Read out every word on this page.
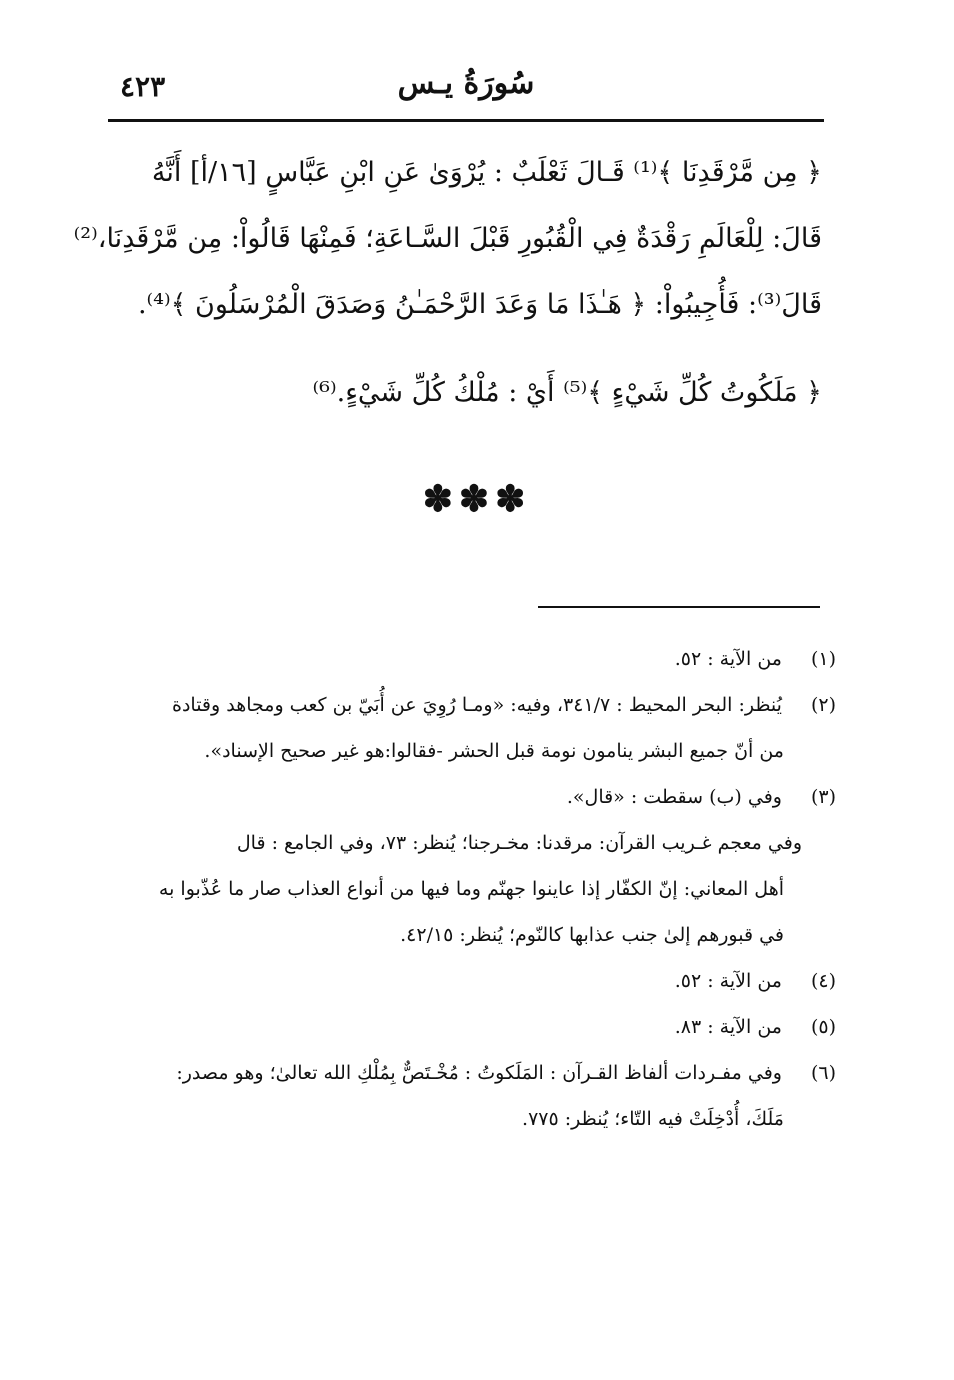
سُورَةُ يـس
٤٢٣
﴿ مِن مَّرْقَدِنَا ﴾⁽¹⁾ قَـالَ ثَعْلَبٌ : يُرْوَىٰ عَنِ ابْنِ عَبَّاسٍ [١٦/أ] أَنَّهُ
قَالَ: لِلْعَالَمِ رَقْدَةٌ فِي الْقُبُورِ قَبْلَ السَّـاعَةِ؛ فَمِنْهَا قَالُواْ: مِن مَّرْقَدِنَا،⁽²⁾
قَالَ⁽³⁾: فَأُجِيبُواْ: ﴿ هَـٰذَا مَا وَعَدَ الرَّحْمَـٰنُ وَصَدَقَ الْمُرْسَلُونَ ﴾⁽⁴⁾.
﴿ مَلَكُوتُ كُلِّ شَيْءٍ ﴾⁽⁵⁾ أَيْ : مُلْكُ كُلِّ شَيْءٍ.⁽⁶⁾
✽✽✽
(١) من الآية : ٥٢.
(٢) يُنظر: البحر المحيط : ٣٤١/٧، وفيه: «ومـا رُوِيَ عن أُبَيّ بن كعب ومجاهد وقتادة
من أنّ جميع البشر ينامون نومة قبل الحشر -فقالوا:هو غير صحيح الإسناد».
(٣) وفي (ب) سقطت : «قال».
وفي معجم غـريب القرآن: مرقدنا: مخـرجنا؛ يُنظر: ٧٣، وفي الجامع : قال
أهل المعاني: إنّ الكفّار إذا عاينوا جهنّم وما فيها من أنواع العذاب صار ما عُذّبوا به
في قبورهم إلىٰ جنب عذابها كالنّوم؛ يُنظر: ٤٢/١٥.
(٤) من الآية : ٥٢.
(٥) من الآية : ٨٣.
(٦) وفي مفـردات ألفاظ القـرآن : المَلَكوتُ : مُخْـتَصٌّ بِمُلْكِ الله تعالىٰ؛ وهو مصدر:
مَلَكَ، أُدْخِلَتْ فيه التّاء؛ يُنظر: ٧٧٥.
